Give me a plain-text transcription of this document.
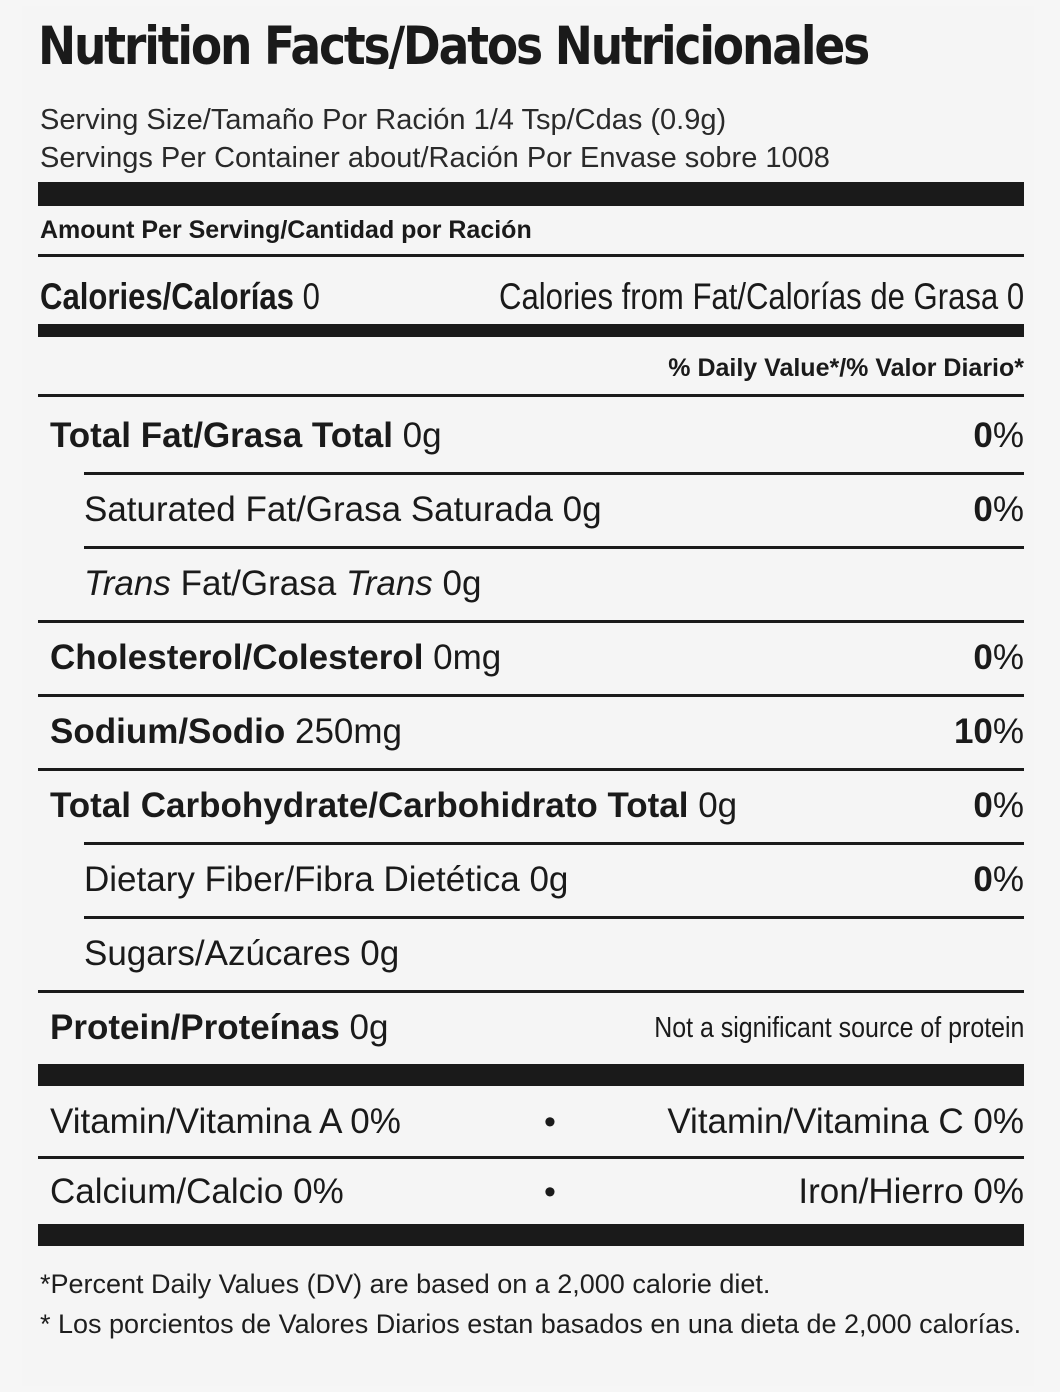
Nutrition Facts/Datos Nutricionales
Serving Size/Tamaño Por Ración 1/4 Tsp/Cdas (0.9g)
Servings Per Container about/Ración Por Envase sobre 1008
Amount Per Serving/Cantidad por Ración
Calories/Calorías 0	Calories from Fat/Calorías de Grasa 0
% Daily Value*/% Valor Diario*
Total Fat/Grasa Total 0g	0%
Saturated Fat/Grasa Saturada 0g	0%
Trans Fat/Grasa Trans 0g
Cholesterol/Colesterol 0mg	0%
Sodium/Sodio 250mg	10%
Total Carbohydrate/Carbohidrato Total 0g	0%
Dietary Fiber/Fibra Dietética 0g	0%
Sugars/Azúcares 0g
Protein/Proteínas 0g	Not a significant source of protein
Vitamin/Vitamina A 0%	•	Vitamin/Vitamina C 0%
Calcium/Calcio 0%	•	Iron/Hierro 0%
*Percent Daily Values (DV) are based on a 2,000 calorie diet.
* Los porcientos de Valores Diarios estan basados en una dieta de 2,000 calorías.
